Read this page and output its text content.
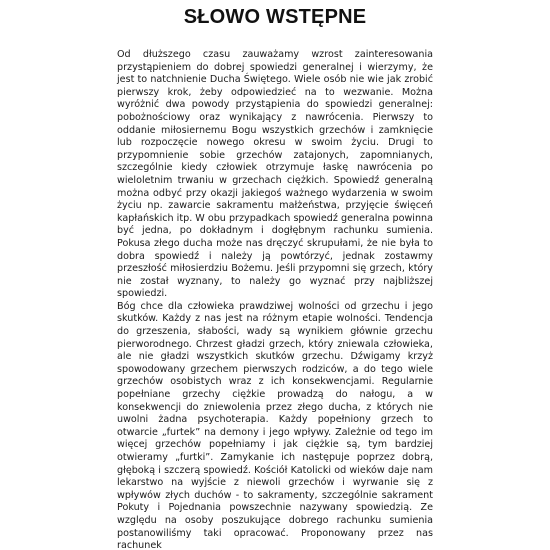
SŁOWO WSTĘPNE

Od dłuższego czasu zauważamy wzrost zainteresowania przystąpieniem do dobrej spowiedzi generalnej i wierzymy, że jest to natchnienie Ducha Świętego. Wiele osób nie wie jak zrobić pierwszy krok, żeby odpowiedzieć na to wezwanie. Można wyróżnić dwa powody przystąpienia do spowiedzi generalnej: pobożnościowy oraz wynikający z nawrócenia. Pierwszy to oddanie miłosiernemu Bogu wszystkich grzechów i zamknięcie lub rozpoczęcie nowego okresu w swoim życiu. Drugi to przypomnienie sobie grzechów zatajonych, zapomnianych, szczególnie kiedy człowiek otrzymuje łaskę nawrócenia po wieloletnim trwaniu w grzechach ciężkich. Spowiedź generalną można odbyć przy okazji jakiegoś ważnego wydarzenia w swoim życiu np. zawarcie sakramentu małżeństwa, przyjęcie święceń kapłańskich itp. W obu przypadkach spowiedź generalna powinna być jedna, po dokładnym i dogłębnym rachunku sumienia. Pokusa złego ducha może nas dręczyć skrupułami, że nie była to dobra spowiedź i należy ją powtórzyć, jednak zostawmy przeszłość miłosierdziu Bożemu. Jeśli przypomni się grzech, który nie został wyznany, to należy go wyznać przy najbliższej spowiedzi.

Bóg chce dla człowieka prawdziwej wolności od grzechu i jego skutków. Każdy z nas jest na różnym etapie wolności. Tendencja do grzeszenia, słabości, wady są wynikiem głównie grzechu pierworodnego. Chrzest gładzi grzech, który zniewala człowieka, ale nie gładzi wszystkich skutków grzechu. Dźwigamy krzyż spowodowany grzechem pierwszych rodziców, a do tego wiele grzechów osobistych wraz z ich konsekwencjami. Regularnie popełniane grzechy ciężkie prowadzą do nałogu, a w konsekwencji do zniewolenia przez złego ducha, z których nie uwolni żadna psychoterapia. Każdy popełniony grzech to otwarcie „furtek” na demony i jego wpływy. Zależnie od tego im więcej grzechów popełniamy i jak ciężkie są, tym bardziej otwieramy „furtki”. Zamykanie ich następuje poprzez dobrą, głęboką i szczerą spowiedź. Kościół Katolicki od wieków daje nam lekarstwo na wyjście z niewoli grzechów i wyrwanie się z wpływów złych duchów - to sakramenty, szczególnie sakrament Pokuty i Pojednania powszechnie nazywany spowiedzią. Ze względu na osoby poszukujące dobrego rachunku sumienia postanowiliśmy taki opracować. Proponowany przez nas rachunek
